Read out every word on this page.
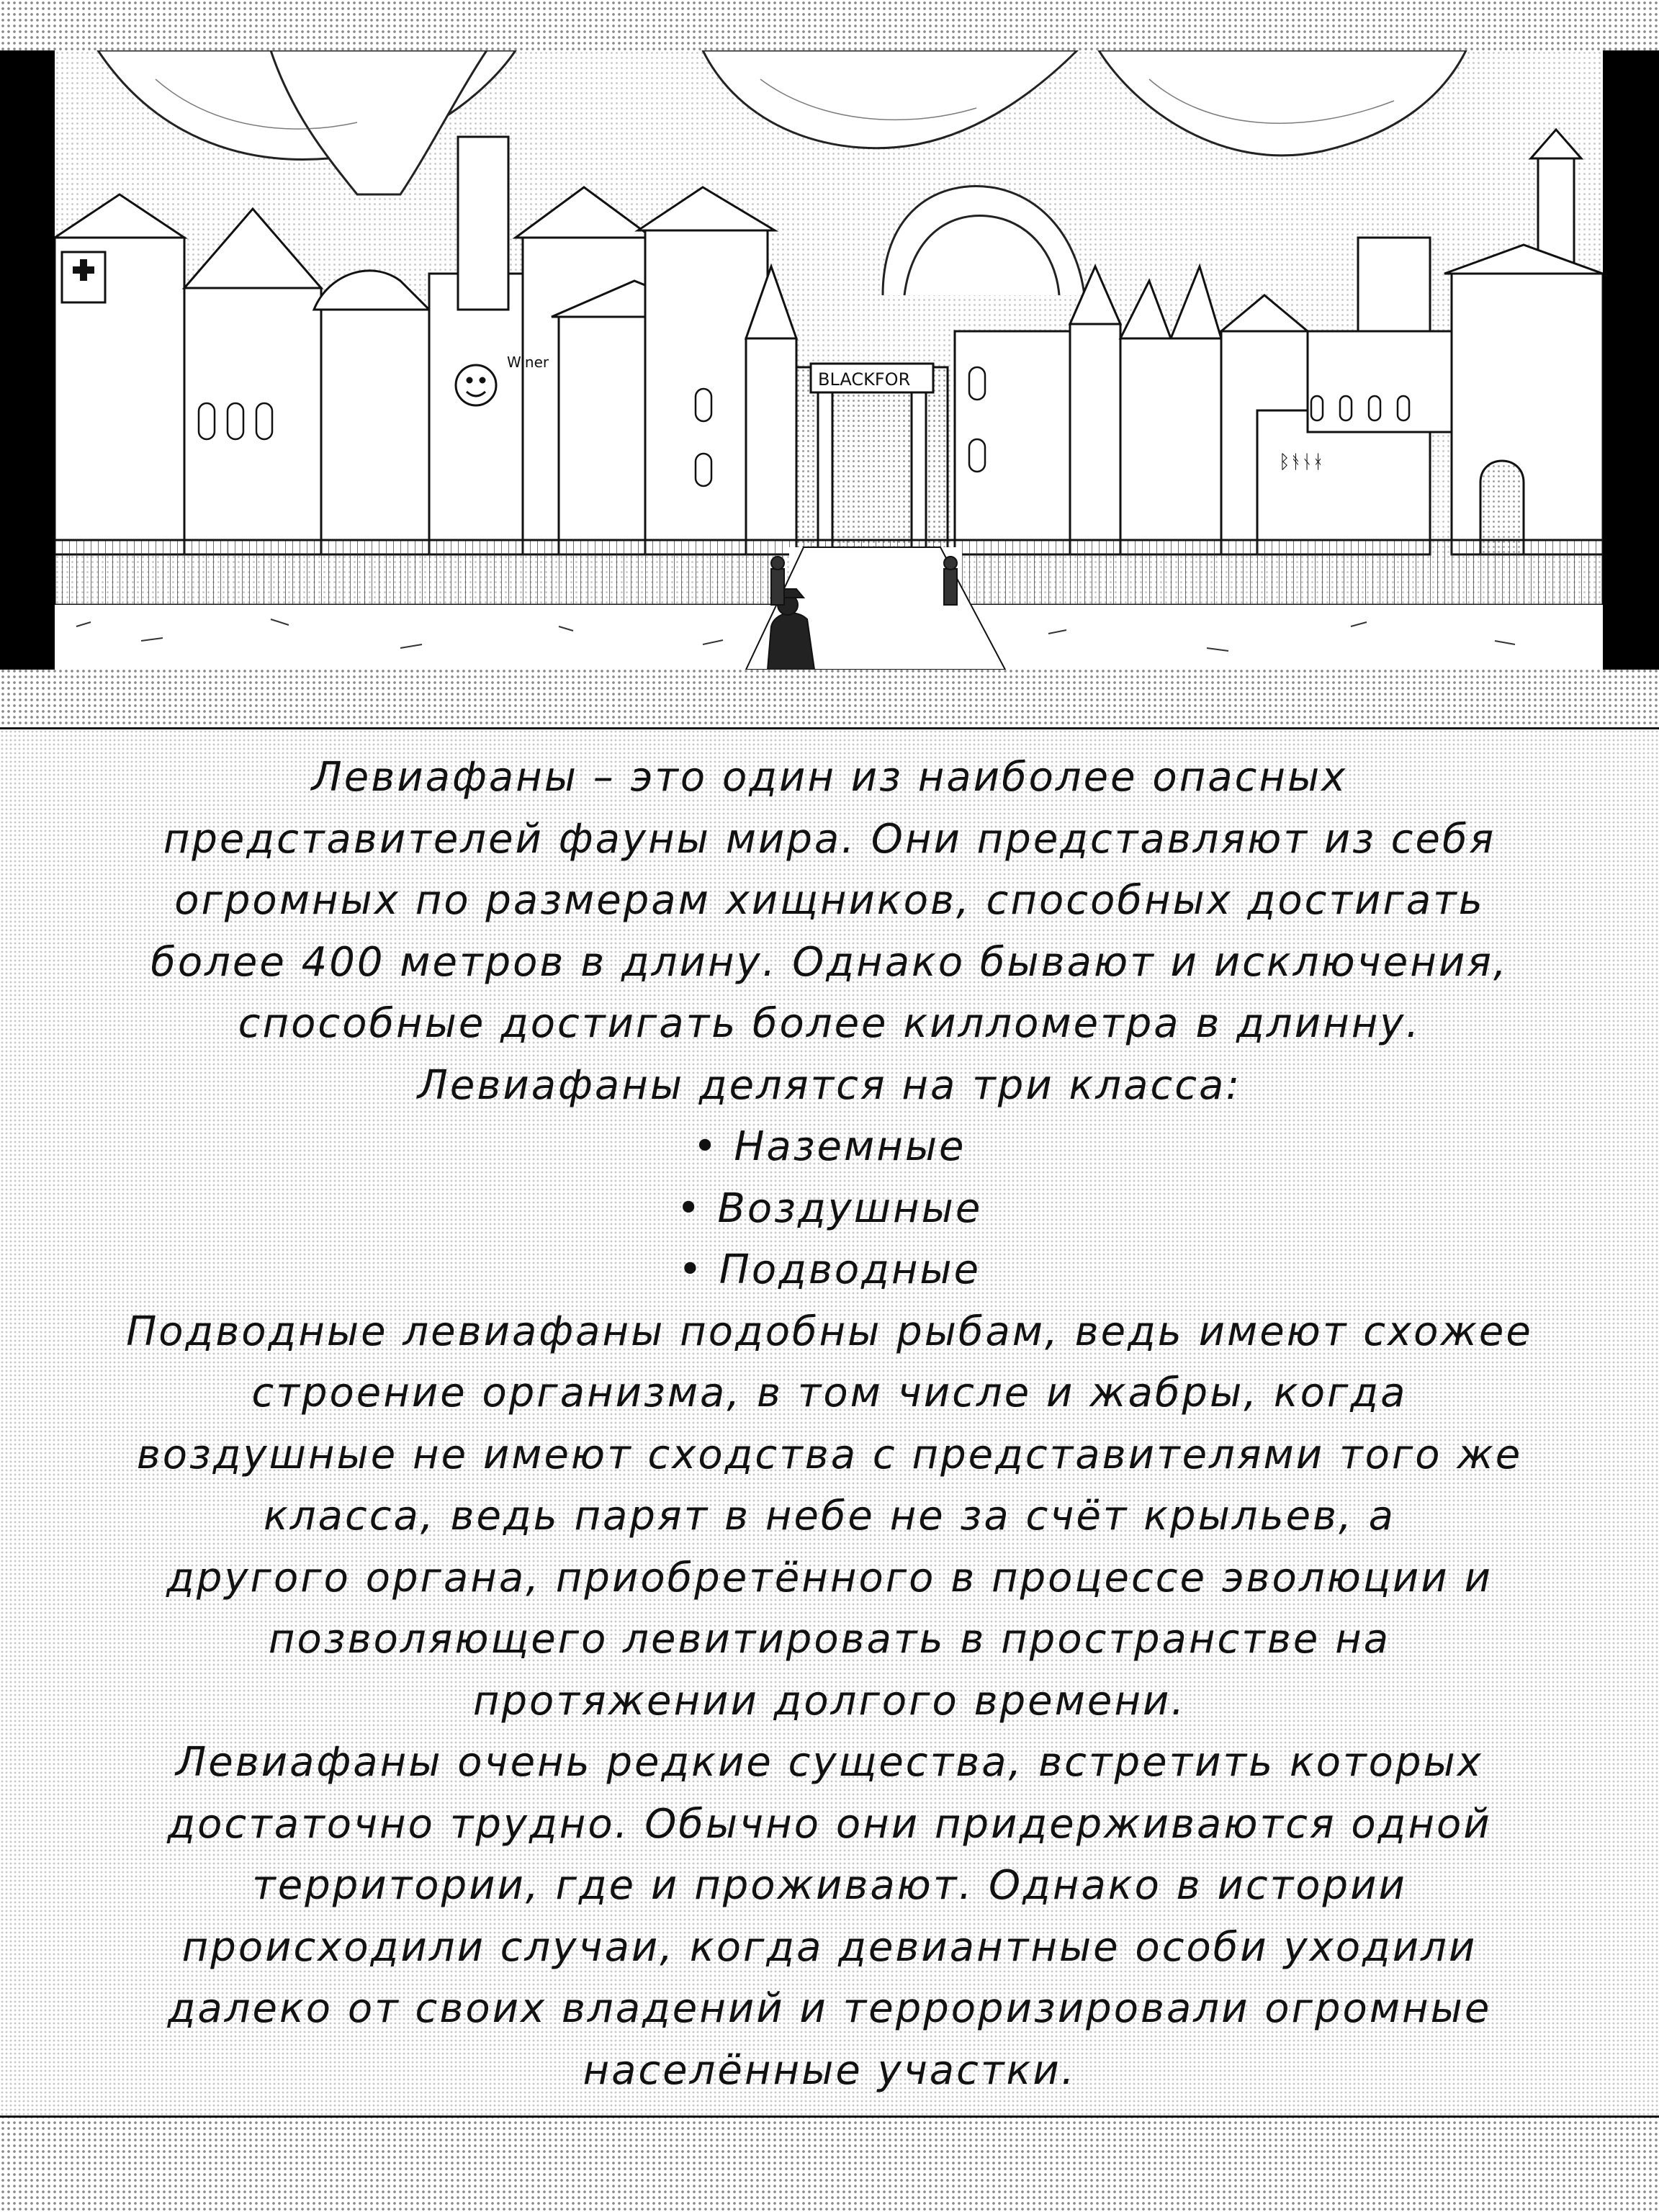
Winer
BLACKFOR
ᛒᚬᚾᚼ
Левиафаны – это один из наиболее опасных
представителей фауны мира. Они представляют из себя
огромных по размерам хищников, способных достигать
более 400 метров в длину. Однако бывают и исключения,
способные достигать более киллометра в длинну.
Левиафаны делятся на три класса:
• Наземные
• Воздушные
• Подводные
Подводные левиафаны подобны рыбам, ведь имеют схожее
строение организма, в том числе и жабры, когда
воздушные не имеют сходства с представителями того же
класса, ведь парят в небе не за счёт крыльев, а
другого органа, приобретённого в процессе эволюции и
позволяющего левитировать в пространстве на
протяжении долгого времени.
Левиафаны очень редкие существа, встретить которых
достаточно трудно. Обычно они придерживаются одной
территории, где и проживают. Однако в истории
происходили случаи, когда девиантные особи уходили
далеко от своих владений и терроризировали огромные
населённые участки.
